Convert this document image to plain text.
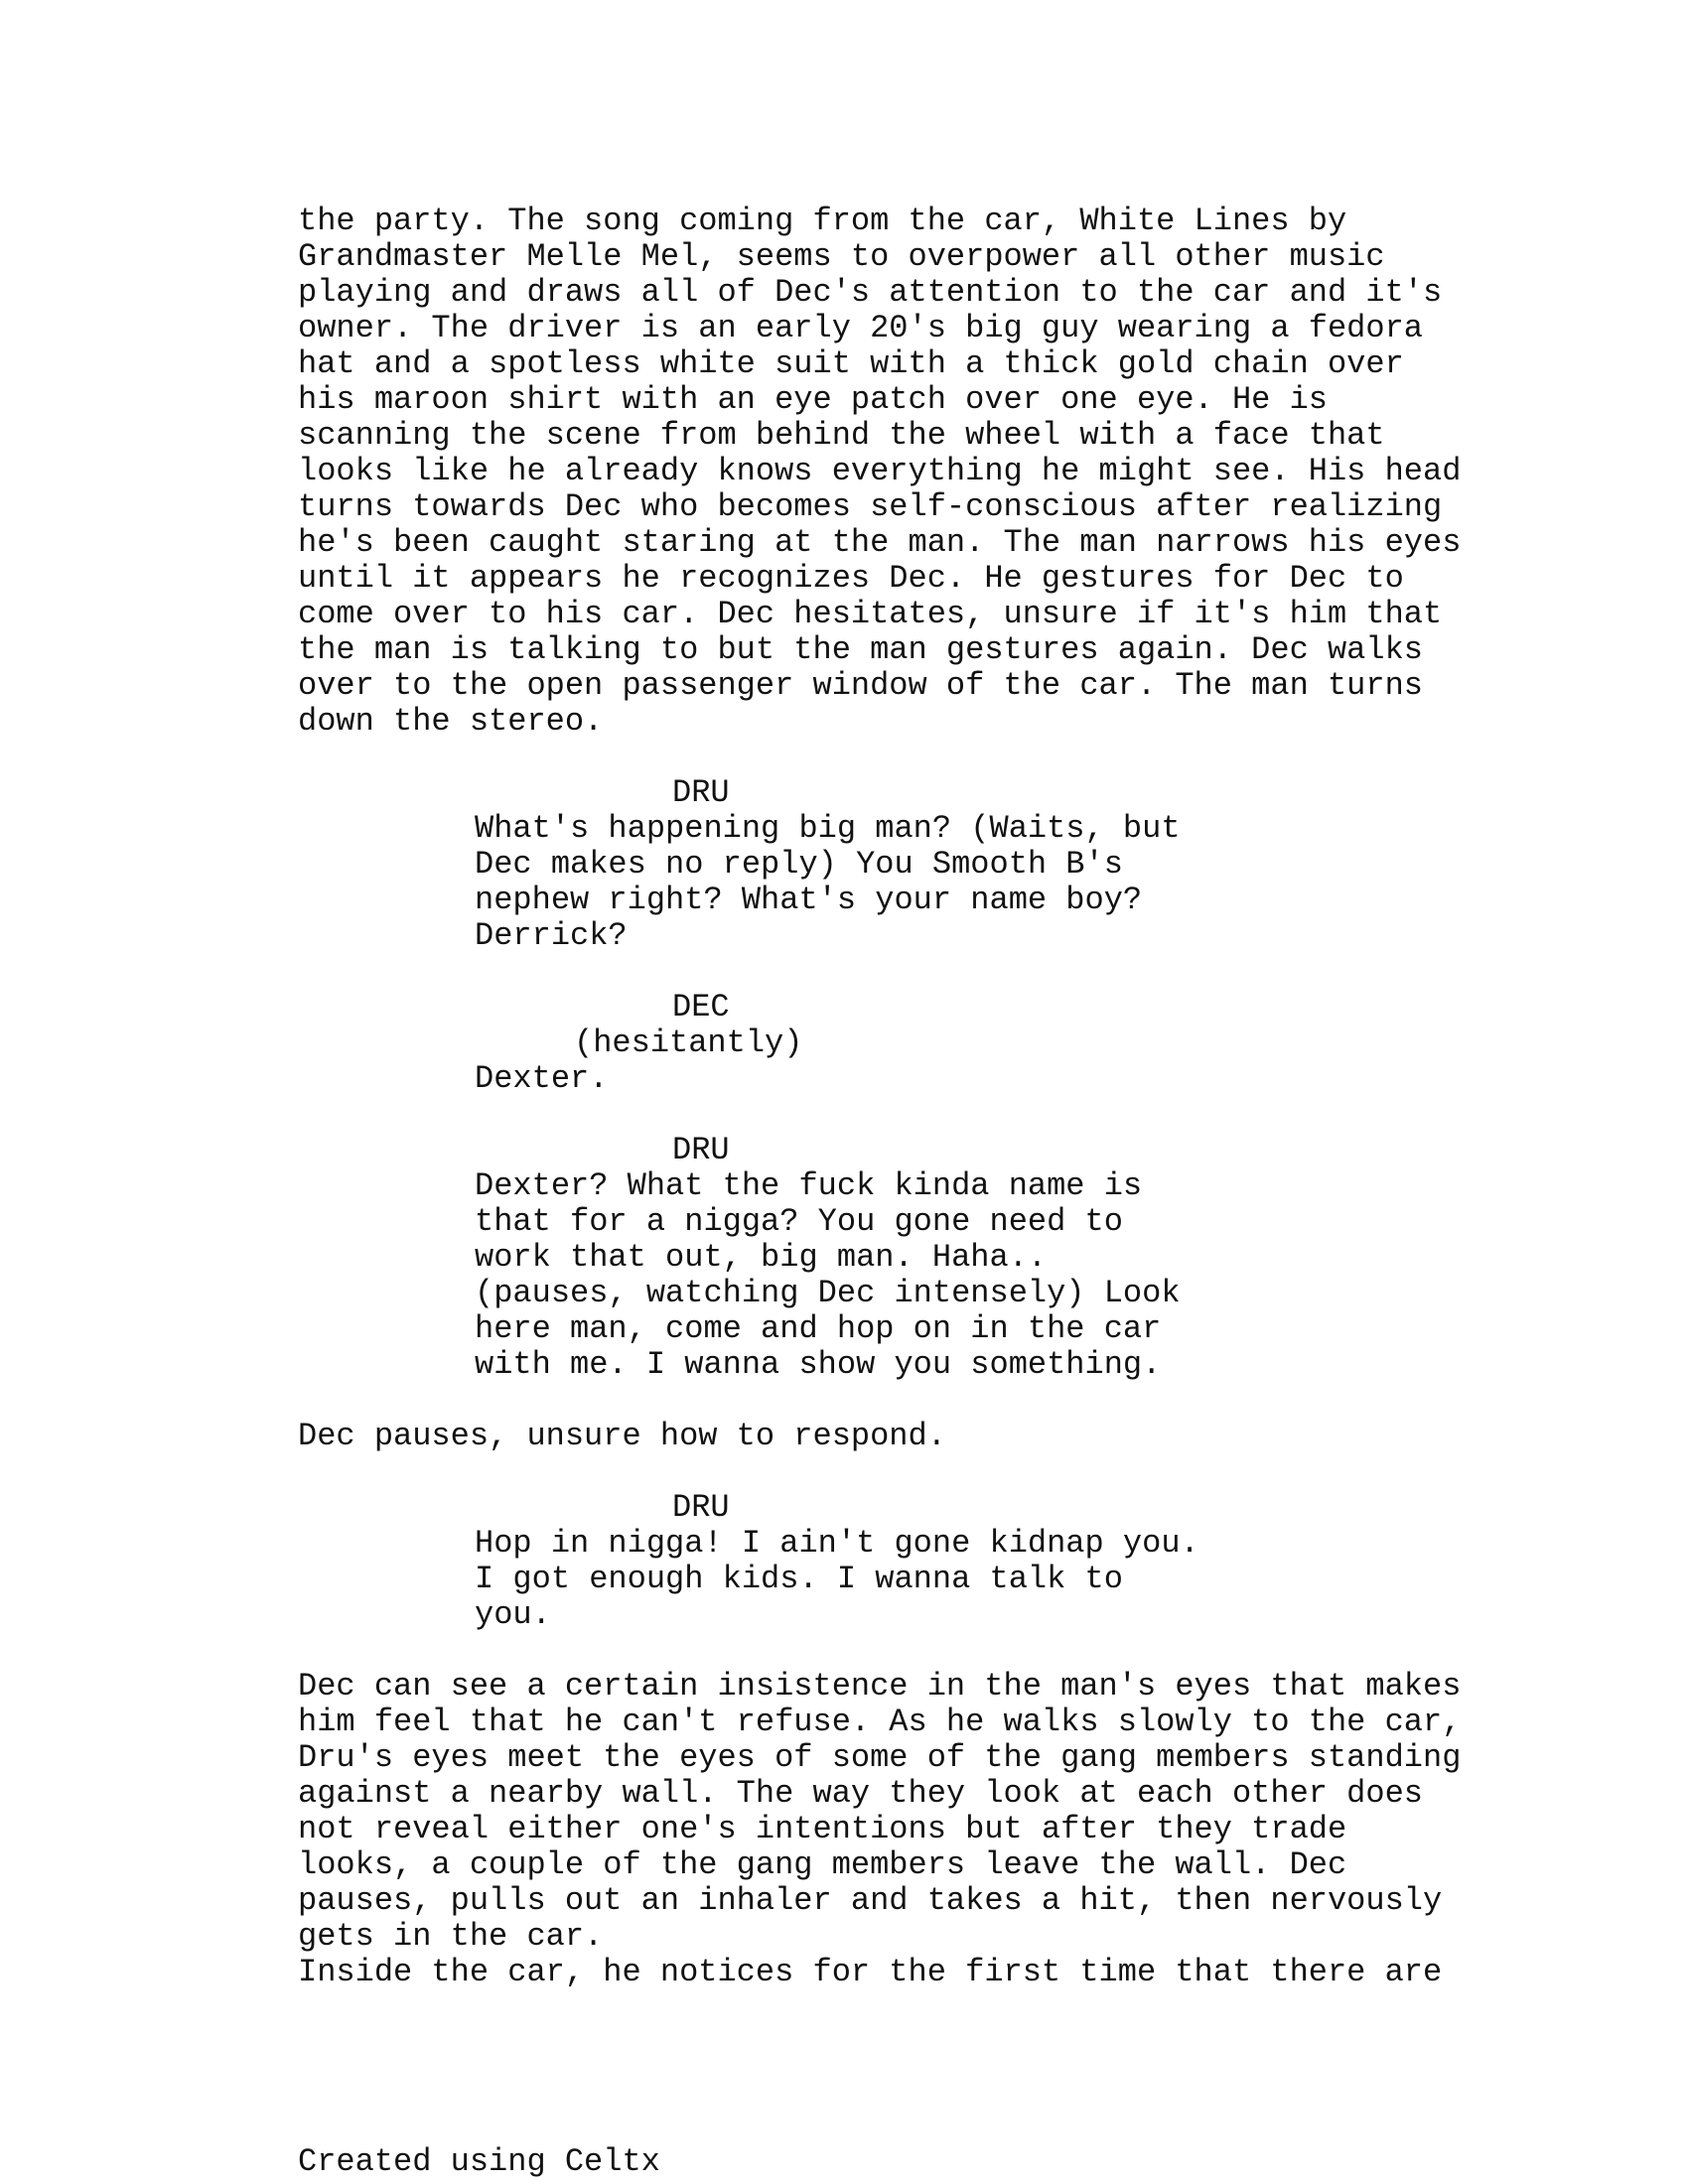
the party. The song coming from the car, White Lines by
Grandmaster Melle Mel, seems to overpower all other music
playing and draws all of Dec's attention to the car and it's
owner. The driver is an early 20's big guy wearing a fedora
hat and a spotless white suit with a thick gold chain over
his maroon shirt with an eye patch over one eye. He is
scanning the scene from behind the wheel with a face that
looks like he already knows everything he might see. His head
turns towards Dec who becomes self-conscious after realizing
he's been caught staring at the man. The man narrows his eyes
until it appears he recognizes Dec. He gestures for Dec to
come over to his car. Dec hesitates, unsure if it's him that
the man is talking to but the man gestures again. Dec walks
over to the open passenger window of the car. The man turns
down the stereo.
DRU
What's happening big man? (Waits, but
Dec makes no reply) You Smooth B's
nephew right? What's your name boy?
Derrick?
DEC
(hesitantly)
Dexter.
DRU
Dexter? What the fuck kinda name is
that for a nigga? You gone need to
work that out, big man. Haha..
(pauses, watching Dec intensely) Look
here man, come and hop on in the car
with me. I wanna show you something.
Dec pauses, unsure how to respond.
DRU
Hop in nigga! I ain't gone kidnap you.
I got enough kids. I wanna talk to
you.
Dec can see a certain insistence in the man's eyes that makes
him feel that he can't refuse. As he walks slowly to the car,
Dru's eyes meet the eyes of some of the gang members standing
against a nearby wall. The way they look at each other does
not reveal either one's intentions but after they trade
looks, a couple of the gang members leave the wall. Dec
pauses, pulls out an inhaler and takes a hit, then nervously
gets in the car.
Inside the car, he notices for the first time that there are
Created using Celtx
